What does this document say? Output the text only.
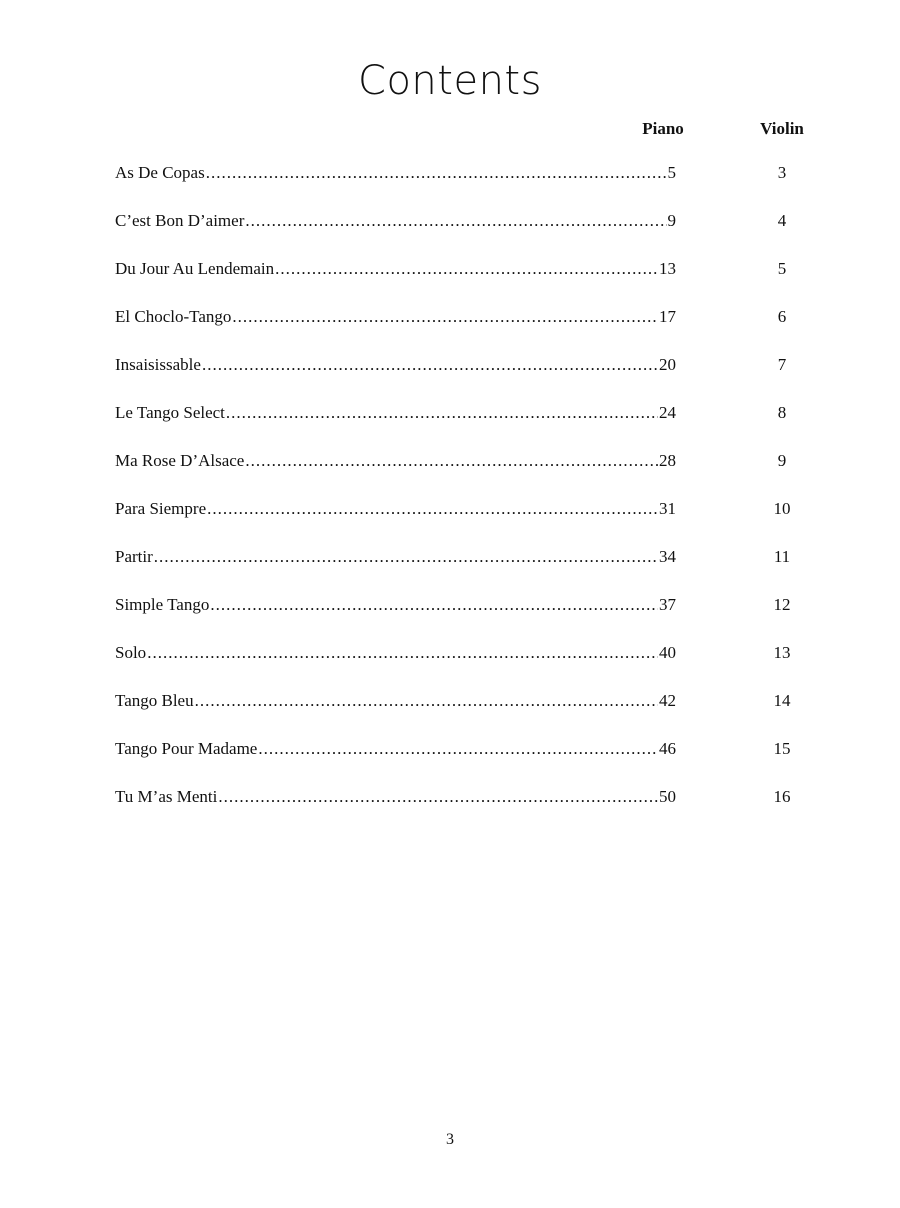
Contents
Piano	Violin
As De Copas .....	5	3
C’est Bon D’aimer .....	9	4
Du Jour Au Lendemain .....	13	5
El Choclo-Tango .....	17	6
Insaisissable .....	20	7
Le Tango Select .....	24	8
Ma Rose D’Alsace .....	28	9
Para Siempre .....	31	10
Partir .....	34	11
Simple Tango .....	37	12
Solo .....	40	13
Tango Bleu .....	42	14
Tango Pour Madame .....	46	15
Tu M’as Menti .....	50	16
3
